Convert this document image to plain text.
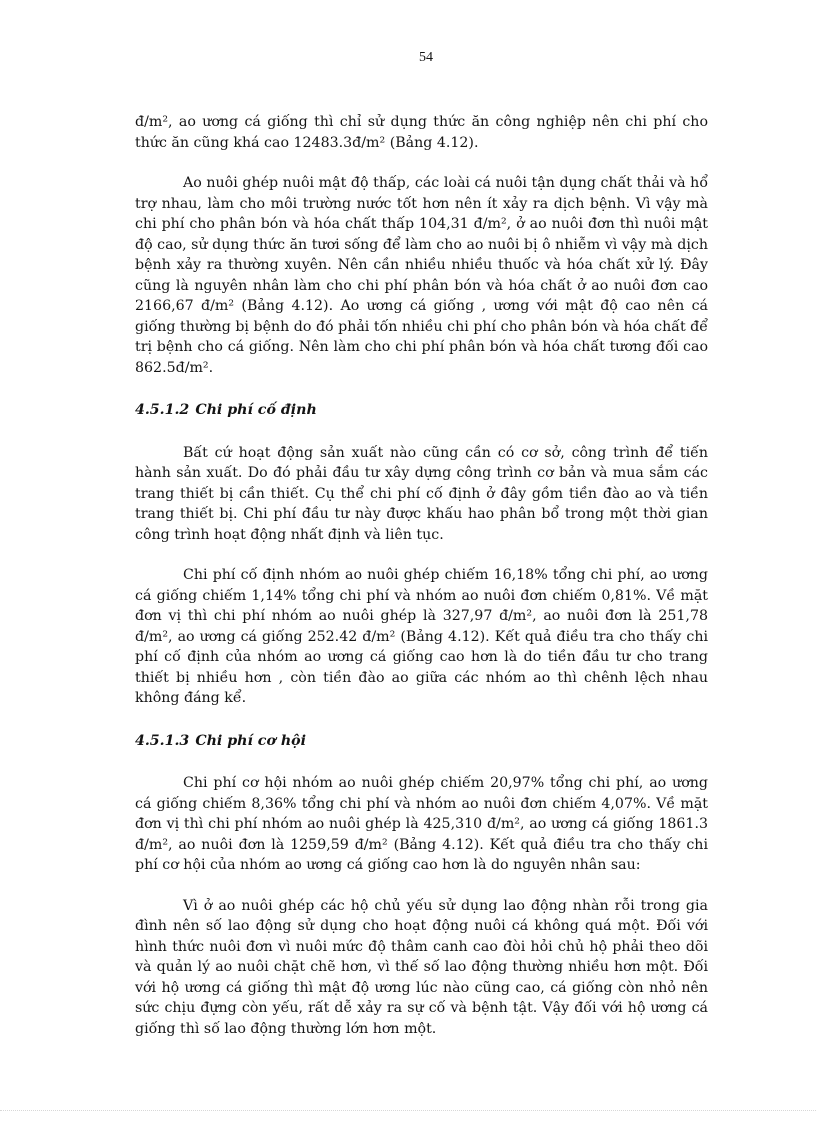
54

đ/m², ao ương cá giống thì chỉ sử dụng thức ăn công nghiệp nên chi phí cho thức ăn cũng khá cao 12483.3đ/m² (Bảng 4.12).

Ao nuôi ghép nuôi mật độ thấp, các loài cá nuôi tận dụng chất thải và hổ trợ nhau, làm cho môi trường nước tốt hơn nên ít xảy ra dịch bệnh. Vì vậy mà chi phí cho phân bón và hóa chất thấp 104,31 đ/m², ở ao nuôi đơn thì nuôi mật độ cao, sử dụng thức ăn tươi sống để làm cho ao nuôi bị ô nhiễm vì vậy mà dịch bệnh xảy ra thường xuyên. Nên cần nhiều nhiều thuốc và hóa chất xử lý. Đây cũng là nguyên nhân làm cho chi phí phân bón và hóa chất ở ao nuôi đơn cao 2166,67 đ/m² (Bảng 4.12). Ao ương cá giống , ương với mật độ cao nên cá giống thường bị bệnh do đó phải tốn nhiều chi phí cho phân bón và hóa chất để trị bệnh cho cá giống. Nên làm cho chi phí phân bón và hóa chất tương đối cao 862.5đ/m².

4.5.1.2 Chi phí cố định

Bất cứ hoạt động sản xuất nào cũng cần có cơ sở, công trình để tiến hành sản xuất. Do đó phải đầu tư xây dựng công trình cơ bản và mua sắm các trang thiết bị cần thiết. Cụ thể chi phí cố định ở đây gồm tiền đào ao và tiền trang thiết bị. Chi phí đầu tư này được khấu hao phân bổ trong một thời gian công trình hoạt động nhất định và liên tục.

Chi phí cố định nhóm ao nuôi ghép chiếm 16,18% tổng chi phí, ao ương cá giống chiếm 1,14% tổng chi phí và nhóm ao nuôi đơn chiếm 0,81%. Về mặt đơn vị thì chi phí nhóm ao nuôi ghép là 327,97 đ/m², ao nuôi đơn là 251,78 đ/m², ao ương cá giống 252.42 đ/m² (Bảng 4.12). Kết quả điều tra cho thấy chi phí cố định của nhóm ao ương cá giống cao hơn là do tiền đầu tư cho trang thiết bị nhiều hơn , còn tiền đào ao giữa các nhóm ao thì chênh lệch nhau không đáng kể.

4.5.1.3 Chi phí cơ hội

Chi phí cơ hội nhóm ao nuôi ghép chiếm 20,97% tổng chi phí, ao ương cá giống chiếm 8,36% tổng chi phí và nhóm ao nuôi đơn chiếm 4,07%. Về mặt đơn vị thì chi phí nhóm ao nuôi ghép là 425,310 đ/m², ao ương cá giống 1861.3 đ/m², ao nuôi đơn là 1259,59 đ/m² (Bảng 4.12). Kết quả điều tra cho thấy chi phí cơ hội của nhóm ao ương cá giống cao hơn là do nguyên nhân sau:

Vì ở ao nuôi ghép các hộ chủ yếu sử dụng lao động nhàn rỗi trong gia đình nên số lao động sử dụng cho hoạt động nuôi cá không quá một. Đối với hình thức nuôi đơn vì nuôi mức độ thâm canh cao đòi hỏi chủ hộ phải theo dõi và quản lý ao nuôi chặt chẽ hơn, vì thế số lao động thường nhiều hơn một. Đối với hộ ương cá giống thì mật độ ương lúc nào cũng cao, cá giống còn nhỏ nên sức chịu đựng còn yếu, rất dễ xảy ra sự cố và bệnh tật. Vậy đối với hộ ương cá giống thì số lao động thường lớn hơn một.
